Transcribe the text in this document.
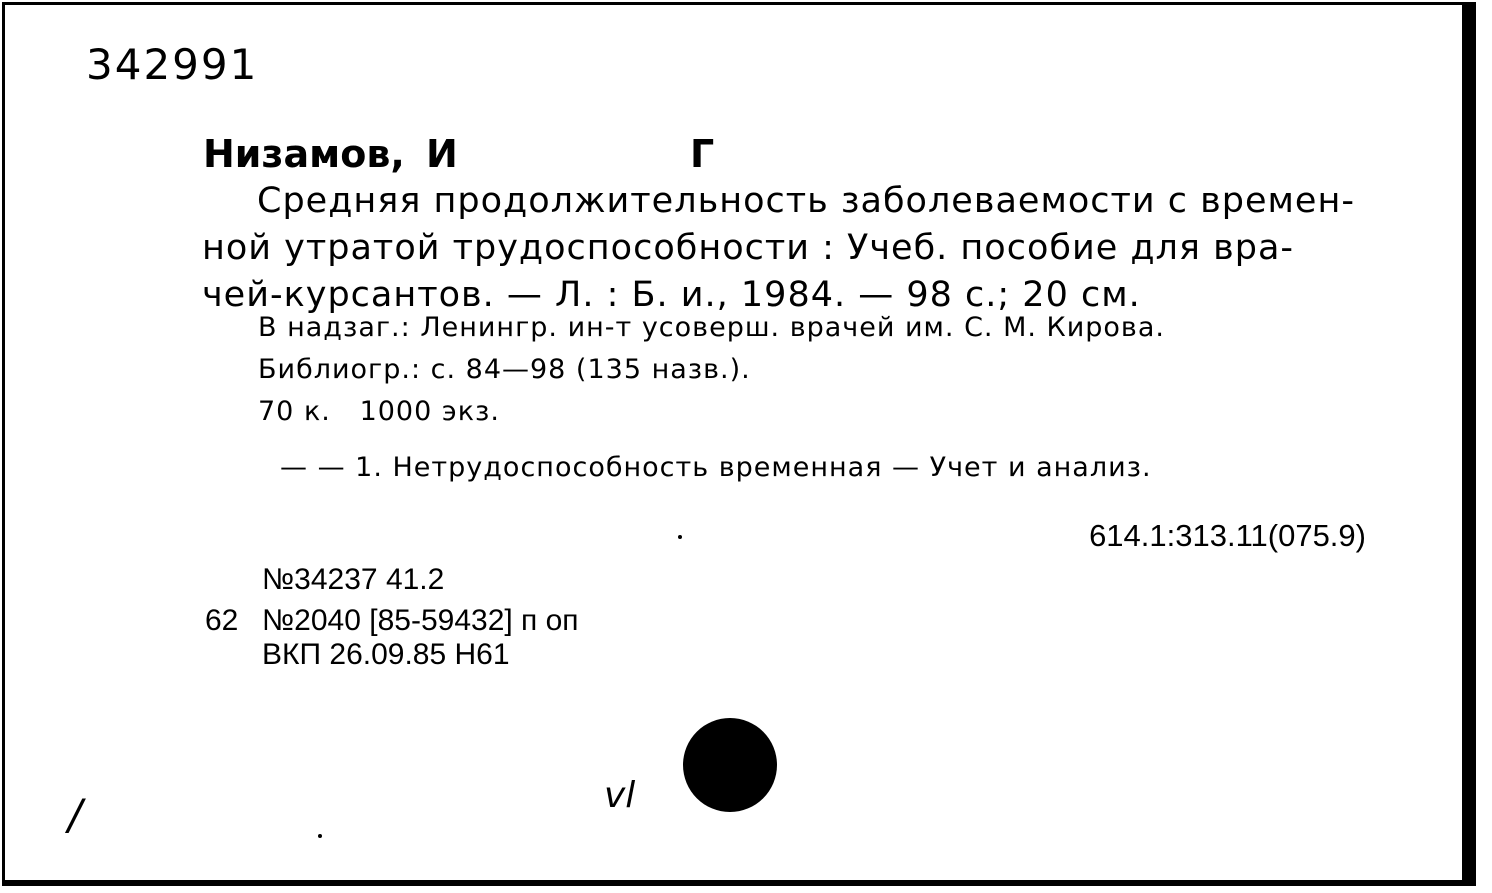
342991
Низамов, И	Г
Средняя продолжительность заболеваемости с времен-
ной утратой трудоспособности : Учеб. пособие для вра-
чей-курсантов. — Л. : Б. и., 1984. — 98 с.; 20 см.
В надзаг.: Ленингр. ин-т усоверш. врачей им. С. М. Кирова.
Библиогр.: с. 84—98 (135 назв.).
70 к.   1000 экз.
— — 1. Нетрудоспособность временная — Учет и анализ.
614.1:313.11(075.9)
№34237 41.2
62 №2040 [85-59432] п оп
ВКП 26.09.85 Н61
/	vl
